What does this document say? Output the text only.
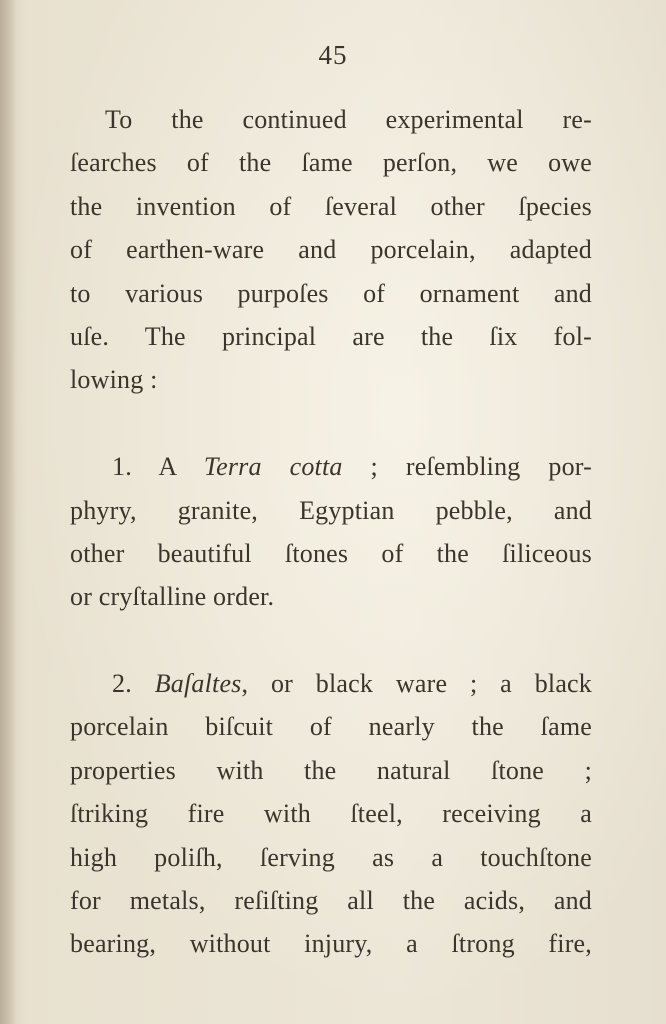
45
To the continued experimental re-
ſearches of the ſame perſon, we owe
the invention of ſeveral other ſpecies
of earthen-ware and porcelain, adapted
to various purpoſes of ornament and
uſe. The principal are the ſix fol-
lowing :
1. A Terra cotta ; reſembling por-
phyry, granite, Egyptian pebble, and
other beautiful ſtones of the ſiliceous
or cryſtalline order.
2. Baſaltes, or black ware ; a black
porcelain biſcuit of nearly the ſame
properties with the natural ſtone ;
ſtriking fire with ſteel, receiving a
high poliſh, ſerving as a touchſtone
for metals, reſiſting all the acids, and
bearing, without injury, a ſtrong fire,
